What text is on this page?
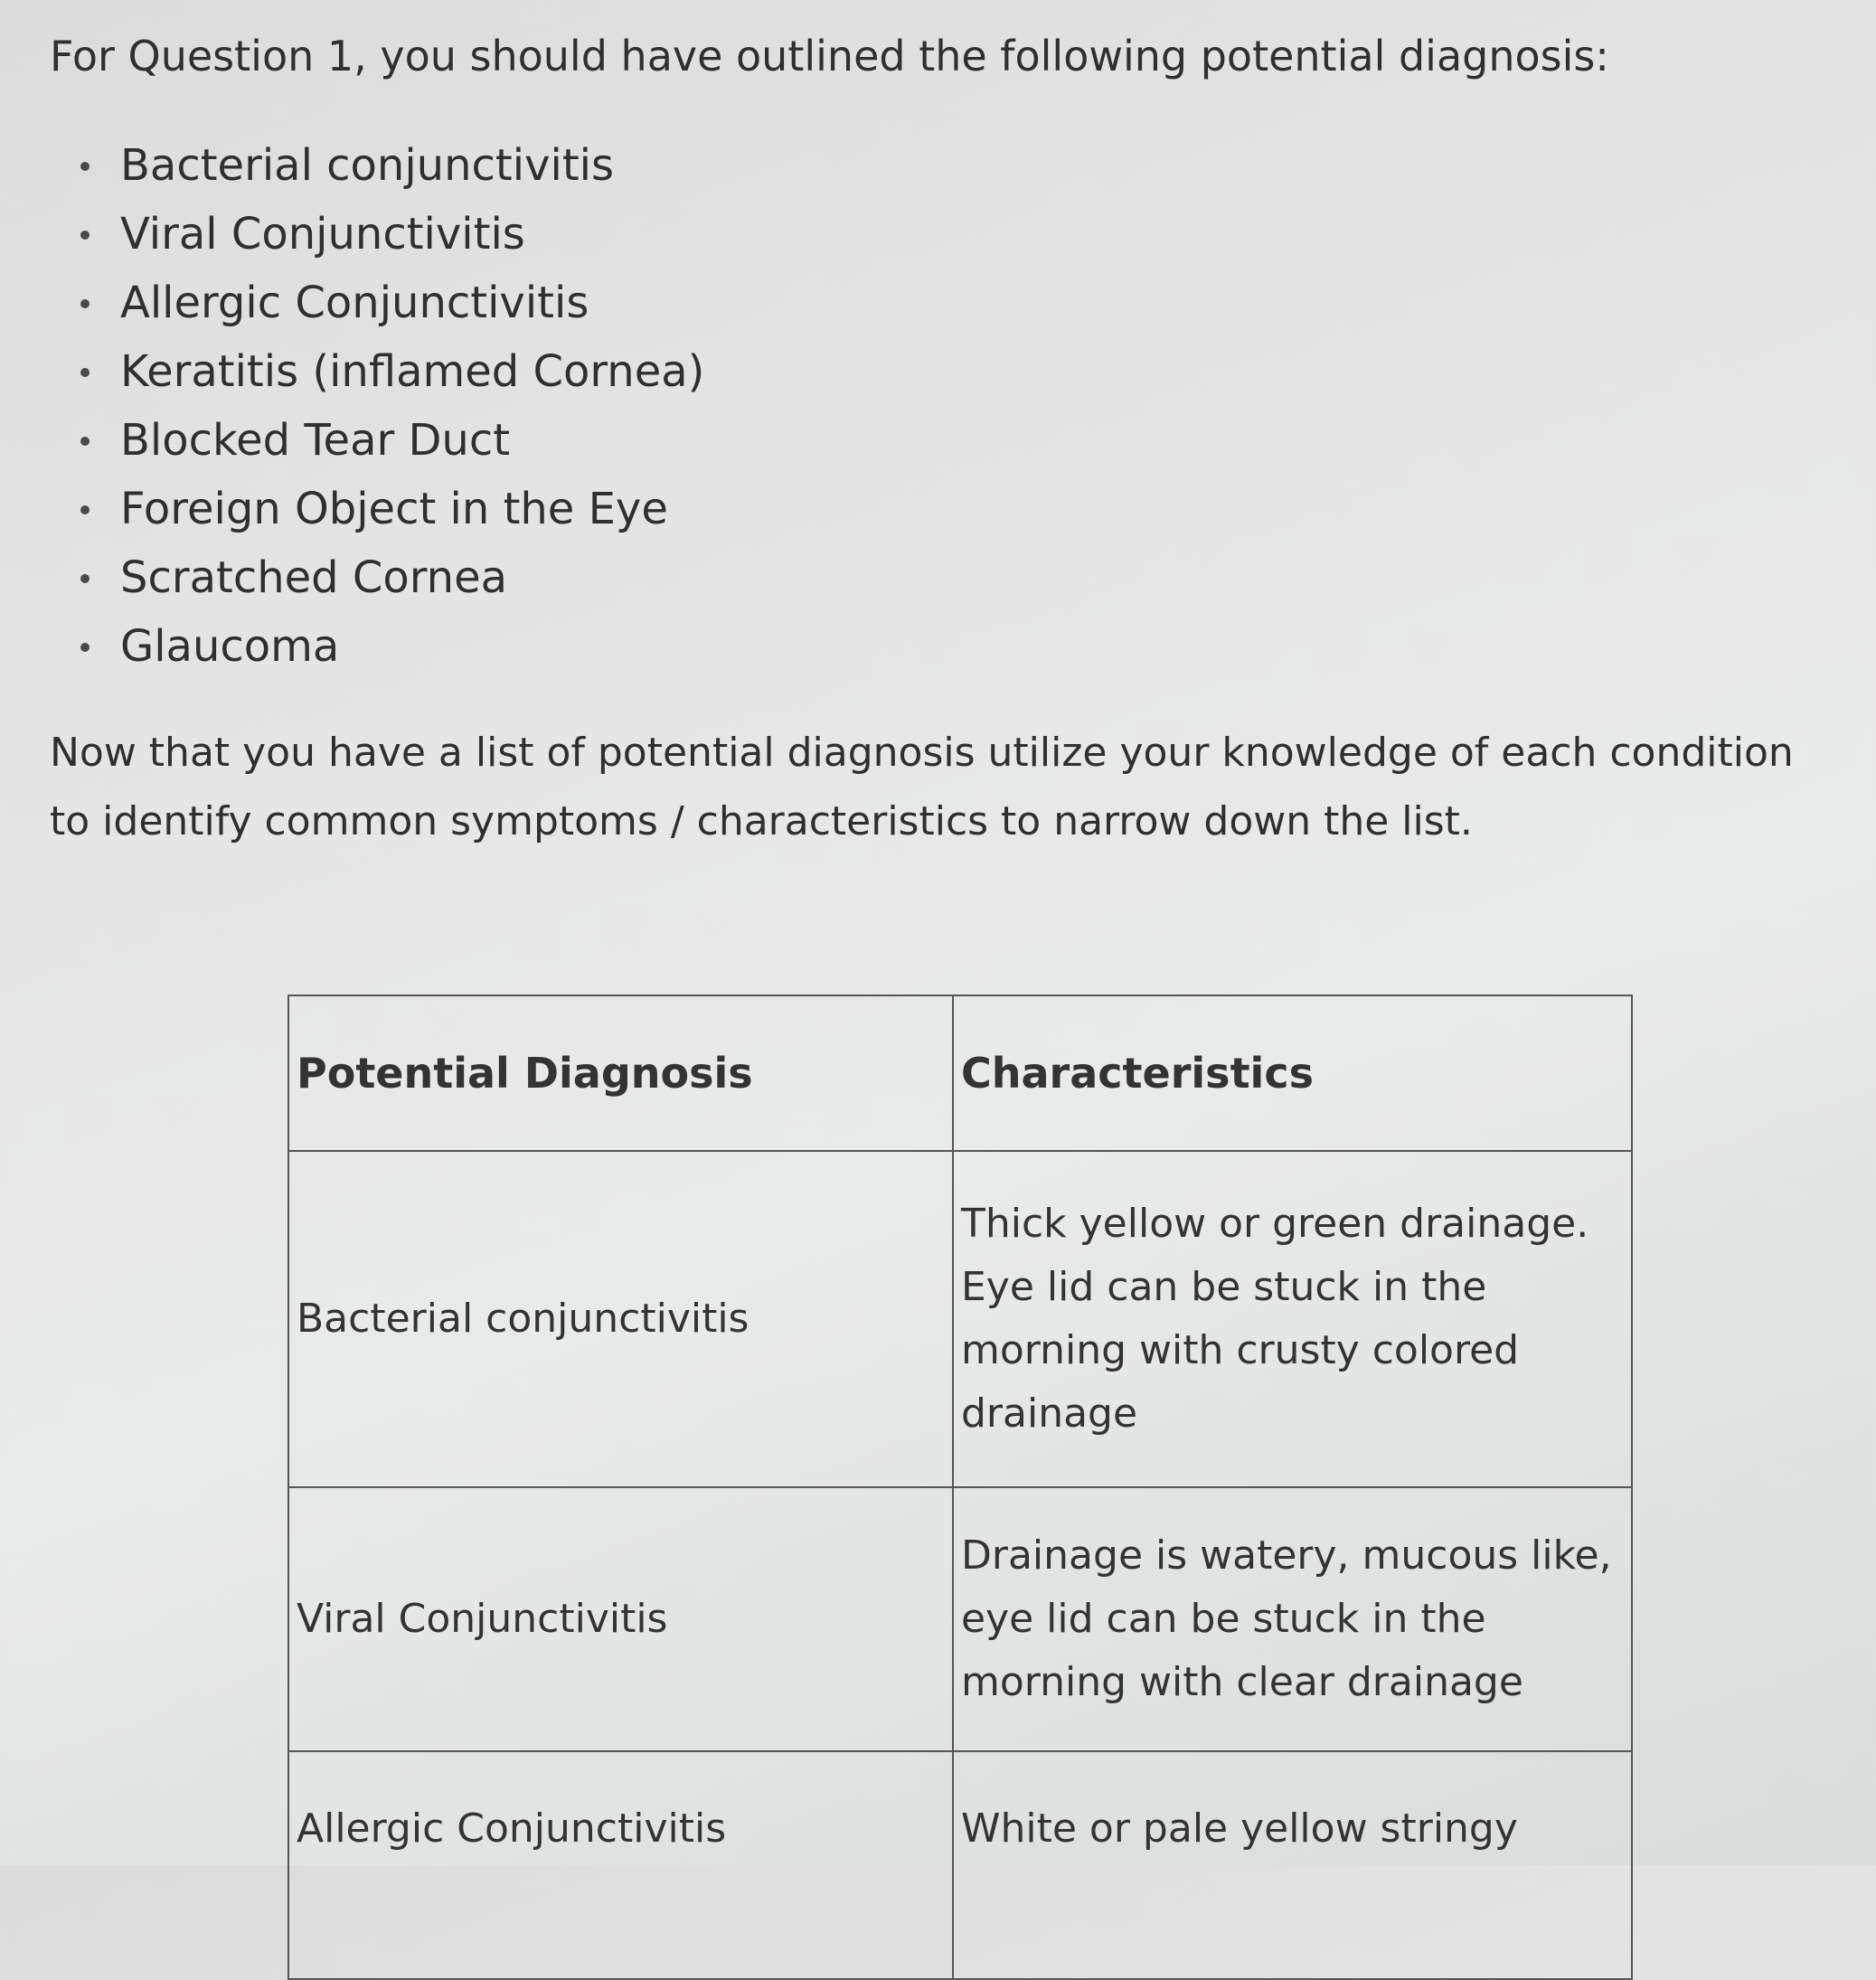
For Question 1, you should have outlined the following potential diagnosis:

Bacterial conjunctivitis
Viral Conjunctivitis
Allergic Conjunctivitis
Keratitis (inflamed Cornea)
Blocked Tear Duct
Foreign Object in the Eye
Scratched Cornea
Glaucoma

Now that you have a list of potential diagnosis utilize your knowledge of each condition to identify common symptoms / characteristics to narrow down the list.

Potential Diagnosis	Characteristics
Bacterial conjunctivitis	Thick yellow or green drainage. Eye lid can be stuck in the morning with crusty colored drainage
Viral Conjunctivitis	Drainage is watery, mucous like, eye lid can be stuck in the morning with clear drainage
Allergic Conjunctivitis	White or pale yellow stringy
